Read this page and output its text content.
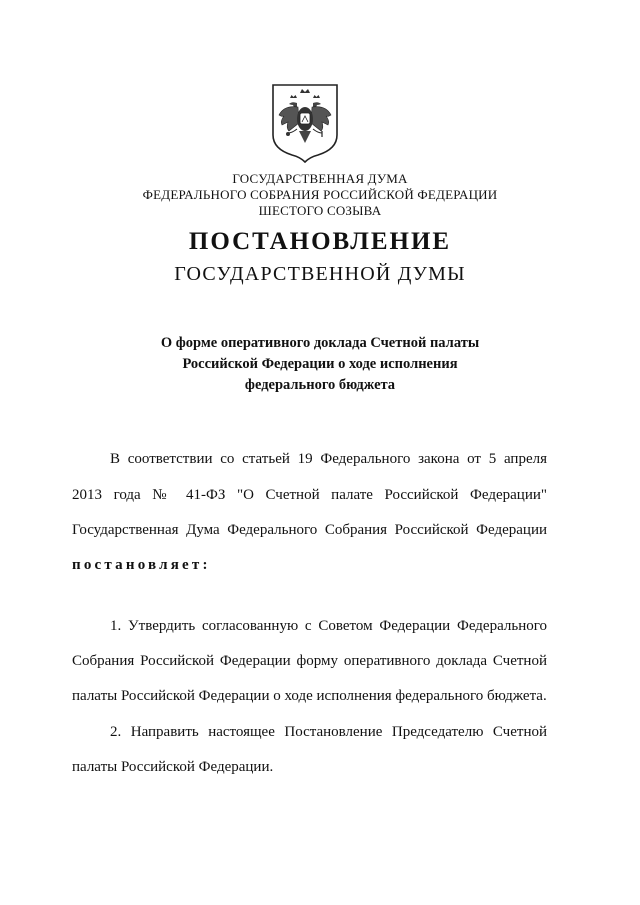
ГОСУДАРСТВЕННАЯ ДУМА
ФЕДЕРАЛЬНОГО СОБРАНИЯ РОССИЙСКОЙ ФЕДЕРАЦИИ
ШЕСТОГО СОЗЫВА
ПОСТАНОВЛЕНИЕ
ГОСУДАРСТВЕННОЙ ДУМЫ
О форме оперативного доклада Счетной палаты
Российской Федерации о ходе исполнения
федерального бюджета
В соответствии со статьей 19 Федерального закона от 5 апреля
2013 года № 41-ФЗ "О Счетной палате Российской Федерации"
Государственная Дума Федерального Собрания Российской Федерации
постановляет:
1. Утвердить согласованную с Советом Федерации Федерального
Собрания Российской Федерации форму оперативного доклада Счетной
палаты Российской Федерации о ходе исполнения федерального бюджета.
2. Направить настоящее Постановление Председателю Счетной
палаты Российской Федерации.
